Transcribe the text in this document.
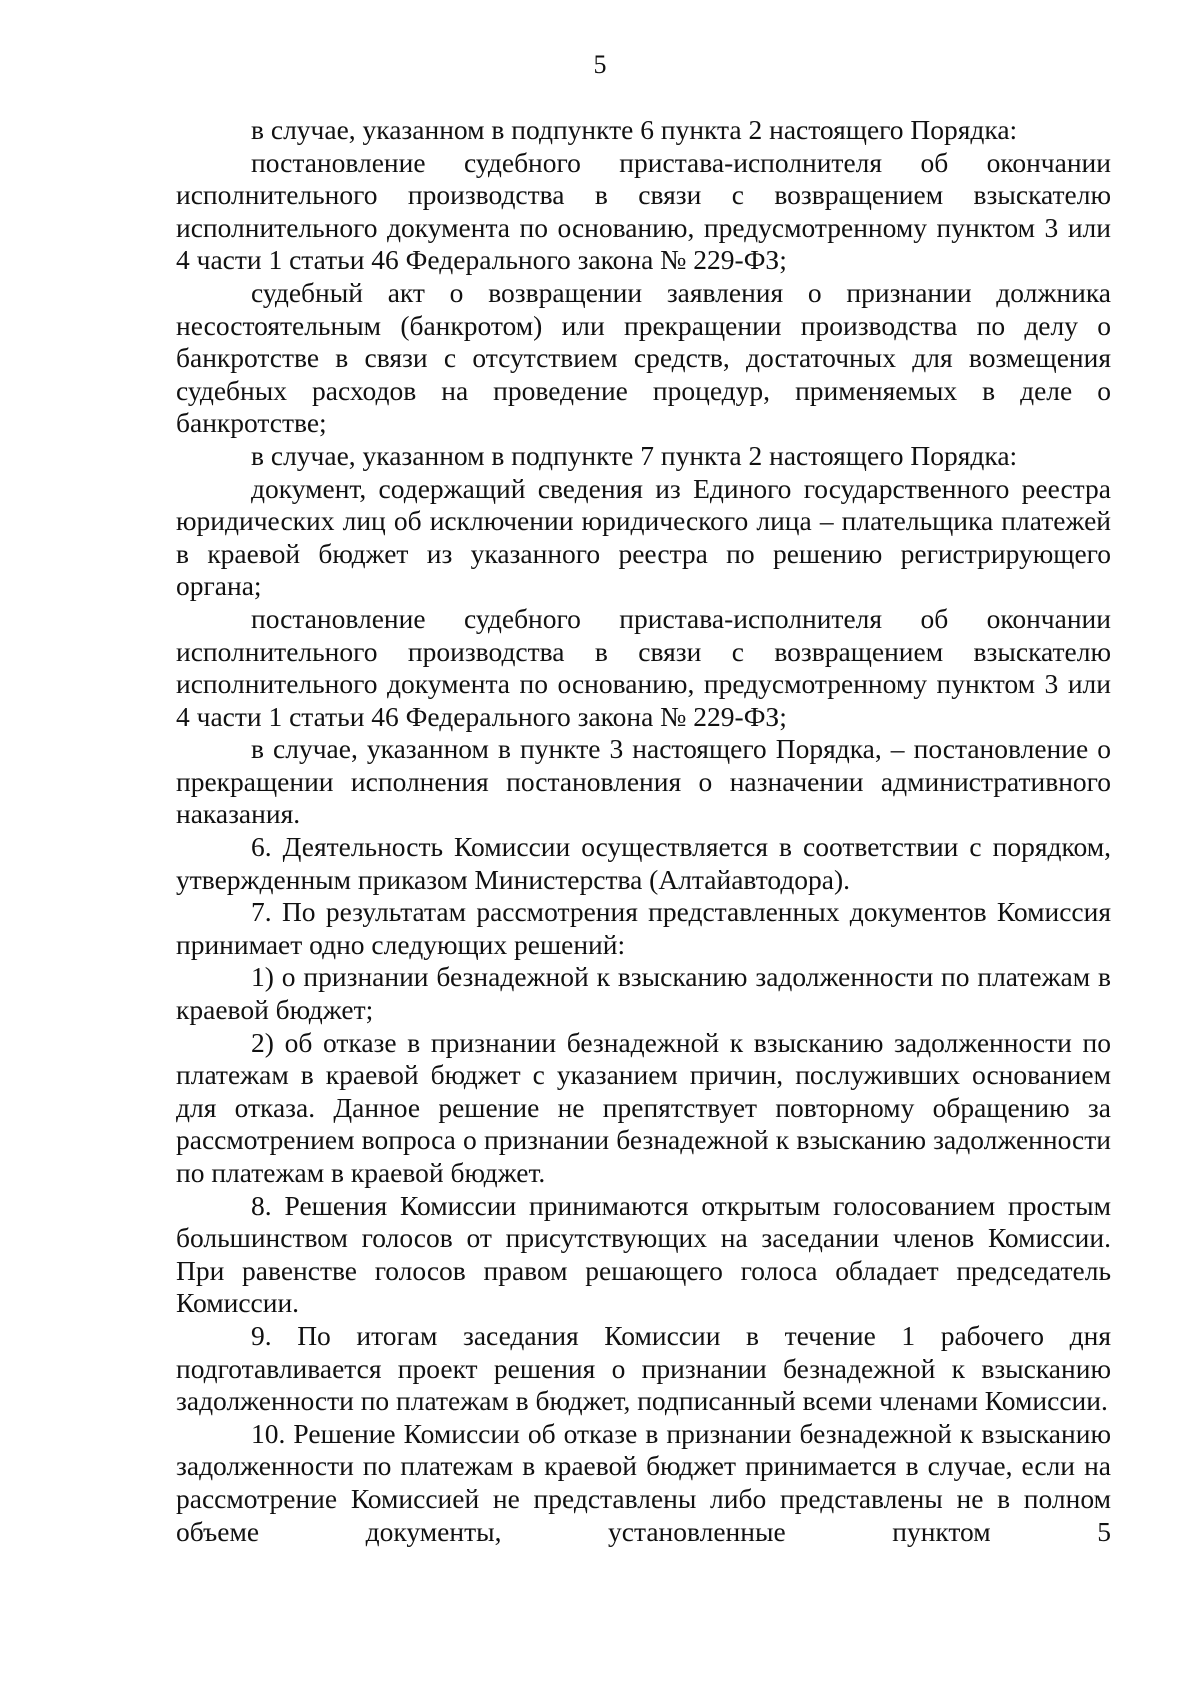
5

в случае, указанном в подпункте 6 пункта 2 настоящего Порядка:

постановление судебного пристава-исполнителя об окончании исполнительного производства в связи с возвращением взыскателю исполнительного документа по основанию, предусмотренному пунктом 3 или 4 части 1 статьи 46 Федерального закона № 229-ФЗ;

судебный акт о возвращении заявления о признании должника несостоятельным (банкротом) или прекращении производства по делу о банкротстве в связи с отсутствием средств, достаточных для возмещения судебных расходов на проведение процедур, применяемых в деле о банкротстве;

в случае, указанном в подпункте 7 пункта 2 настоящего Порядка:

документ, содержащий сведения из Единого государственного реестра юридических лиц об исключении юридического лица – плательщика платежей в краевой бюджет из указанного реестра по решению регистрирующего органа;

постановление судебного пристава-исполнителя об окончании исполнительного производства в связи с возвращением взыскателю исполнительного документа по основанию, предусмотренному пунктом 3 или 4 части 1 статьи 46 Федерального закона № 229-ФЗ;

в случае, указанном в пункте 3 настоящего Порядка, – постановление о прекращении исполнения постановления о назначении административного наказания.

6. Деятельность Комиссии осуществляется в соответствии с порядком, утвержденным приказом Министерства (Алтайавтодора).

7. По результатам рассмотрения представленных документов Комиссия принимает одно следующих решений:

1) о признании безнадежной к взысканию задолженности по платежам в краевой бюджет;

2) об отказе в признании безнадежной к взысканию задолженности по платежам в краевой бюджет с указанием причин, послуживших основанием для отказа. Данное решение не препятствует повторному обращению за рассмотрением вопроса о признании безнадежной к взысканию задолженности по платежам в краевой бюджет.

8. Решения Комиссии принимаются открытым голосованием простым большинством голосов от присутствующих на заседании членов Комиссии. При равенстве голосов правом решающего голоса обладает председатель Комиссии.

9. По итогам заседания Комиссии в течение 1 рабочего дня подготавливается проект решения о признании безнадежной к взысканию задолженности по платежам в бюджет, подписанный всеми членами Комиссии.

10. Решение Комиссии об отказе в признании безнадежной к взысканию задолженности по платежам в краевой бюджет принимается в случае, если на рассмотрение Комиссией не представлены либо представлены не в полном объеме документы, установленные пунктом 5
